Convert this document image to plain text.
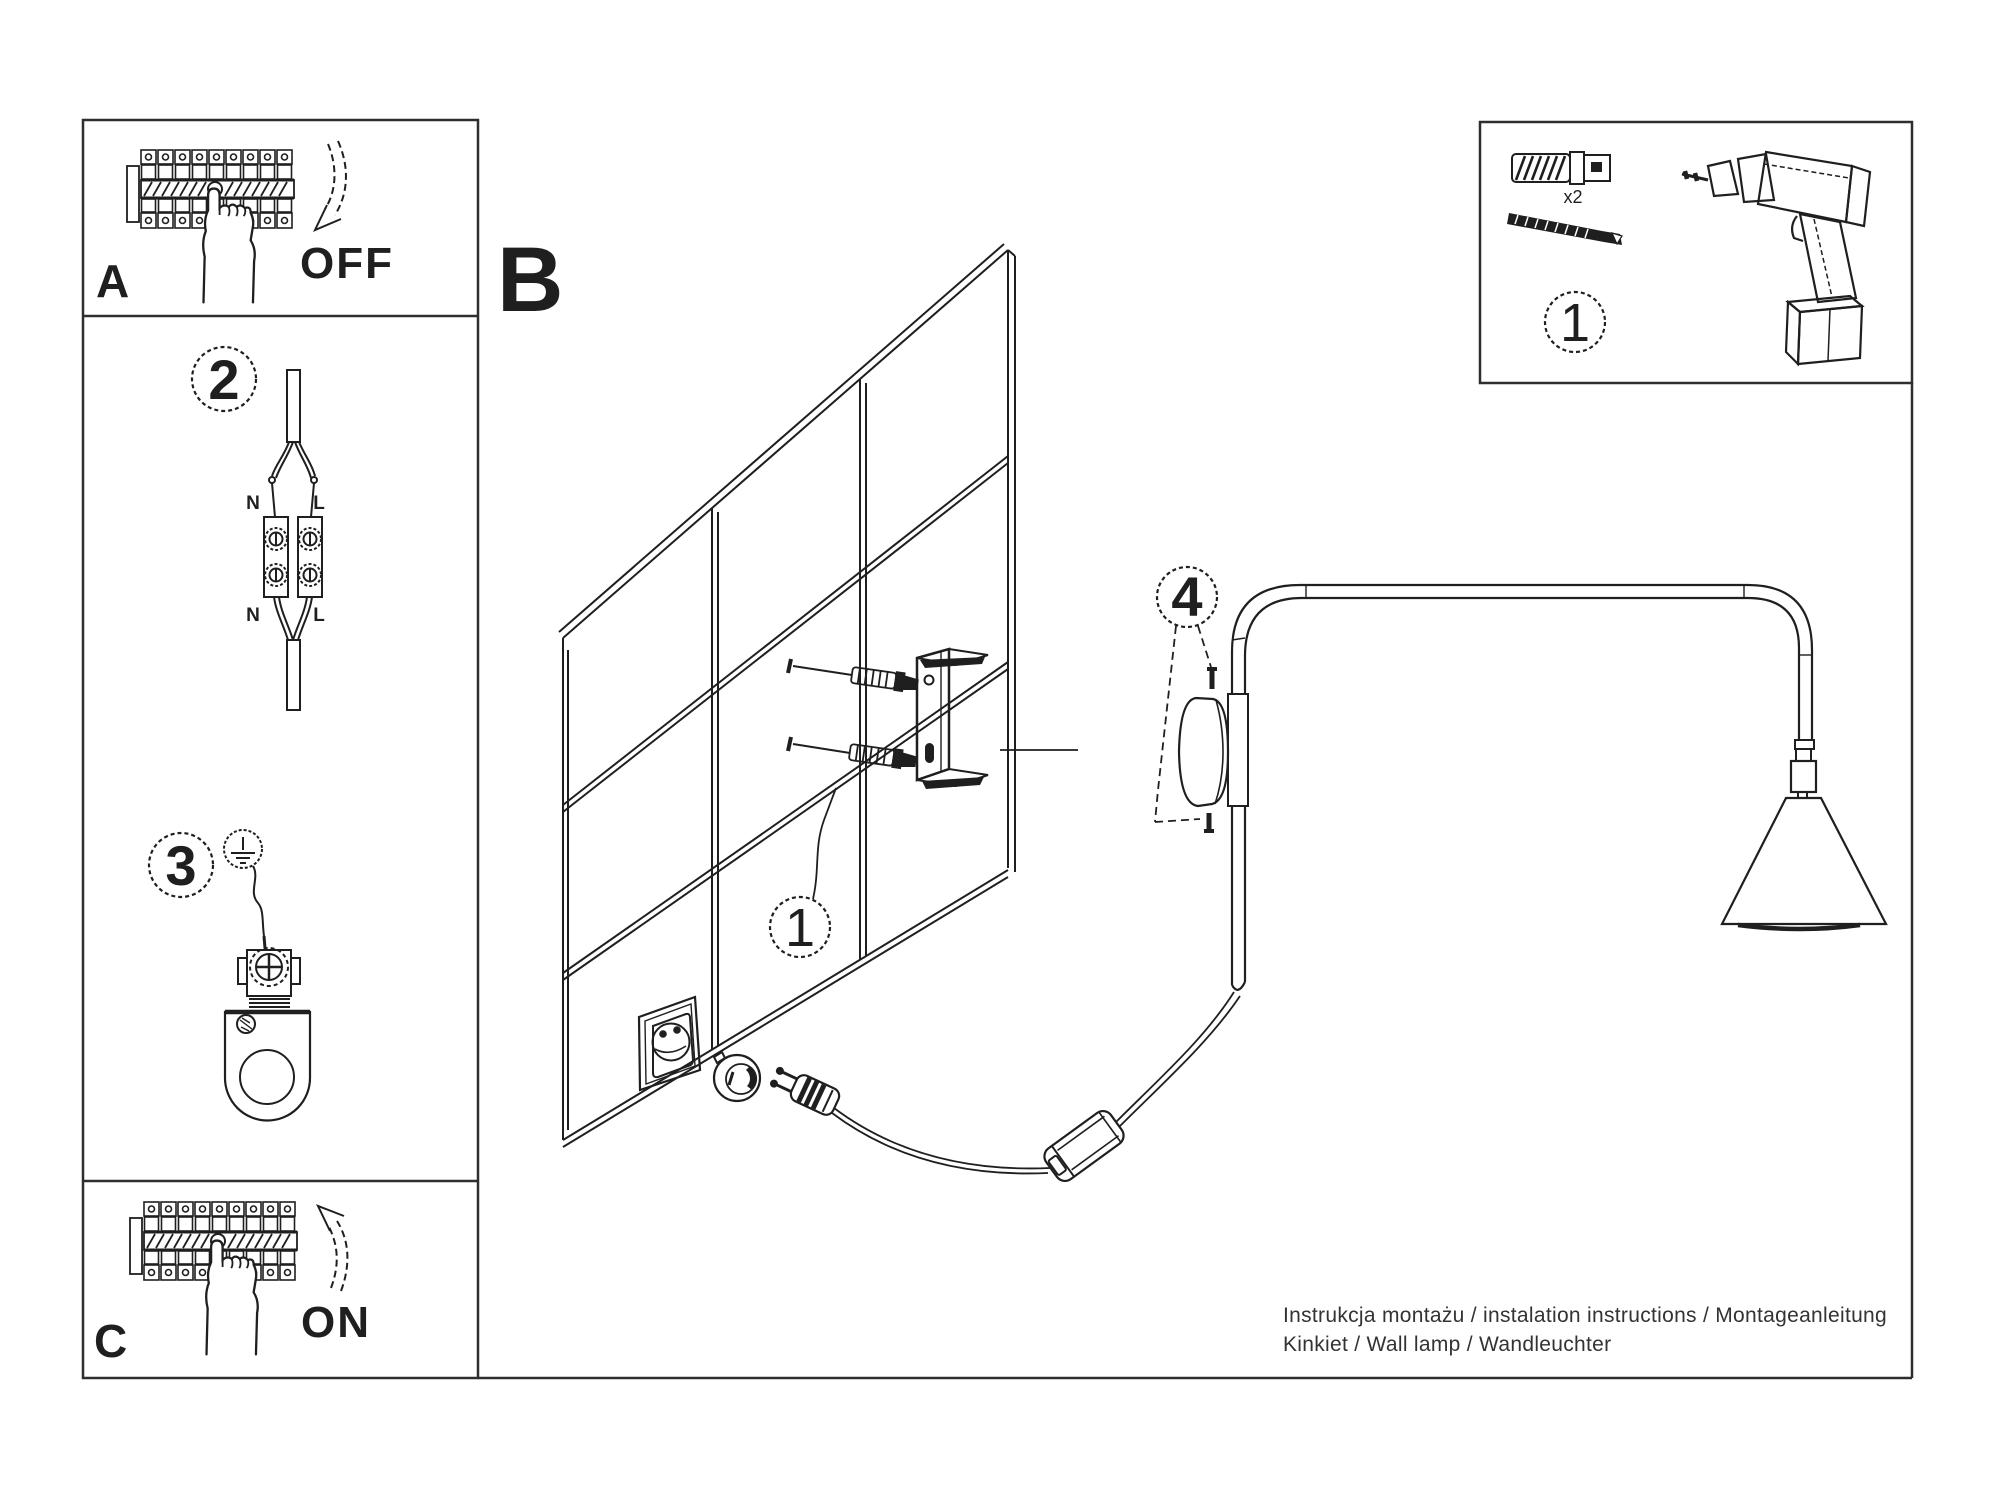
A	OFF
2
N	L
N	L
3
C	ON
B
1
4
x2
1
Instrukcja montażu / instalation instructions / Montageanleitung
Kinkiet / Wall lamp / Wandleuchter
